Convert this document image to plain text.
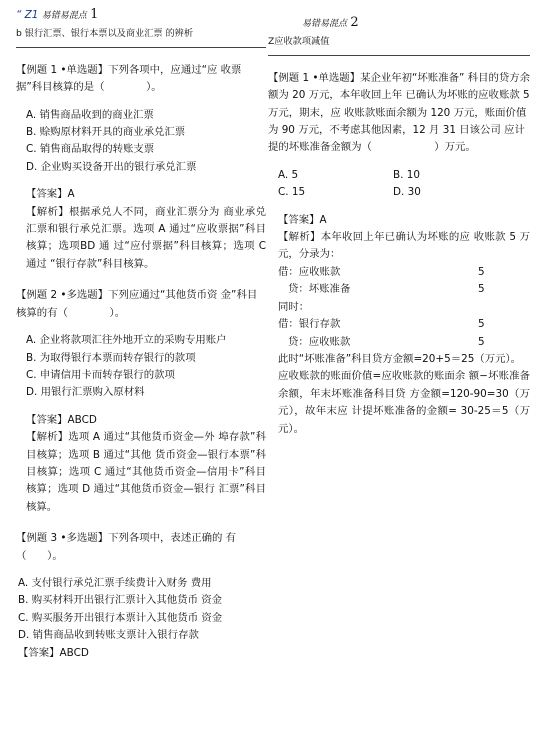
“ Z1 易错易混点 1
b 银行汇票、银行本票以及商业汇票 的辨析

【例题 1 •单选题】下列各项中，应通过“应 收票据”科目核算的是（　　　　）。

A. 销售商品收到的商业汇票

B. 赊购原材料开具的商业承兑汇票

C. 销售商品取得的转账支票

D. 企业购买设备开出的银行承兑汇票

【答案】A

【解析】根据承兑人不同，商业汇票分为 商业承兑汇票和银行承兑汇票。选项 A 通过“应收票据”科目核算；选项BD 通 过“应付票据”科目核算；选项 C 通过 “银行存款”科目核算。

【例题 2 •多选题】下列应通过“其他货币资 金”科目核算的有（　　　　）。

A. 企业将款项汇往外地开立的采购专用账户

B. 为取得银行本票而转存银行的款项

C. 申请信用卡而转存银行的款项

D. 用银行汇票购入原材料

【答案】ABCD

【解析】选项 A 通过“其他货币资金—外 埠存款”科目核算；选项 B 通过“其他 货币资金—银行本票”科目核算；选项 C 通过“其他货币资金—信用卡”科目核算；选项 D 通过“其他货币资金—银行 汇票”科目核算。

【例题 3 •多选题】下列各项中，表述正确的 有（　　）。

A. 支付银行承兑汇票手续费计入财务 费用

B. 购买材料开出银行汇票计入其他货币 资金

C. 购买服务开出银行本票计入其他货币 资金

D. 销售商品收到转账支票计入银行存款

【答案】ABCD

易错易混点 2
Z应收款项减值

【例题 1 •单选题】某企业年初“坏账准备” 科目的贷方余额为 20 万元，本年收回上年 已确认为坏账的应收账款 5 万元，期末，应 收账款账面余额为 120 万元，账面价值为 90 万元，不考虑其他因素，12 月 31 日该公司 应计提的坏账准备金额为（　　　　　　）万元。

A. 5	B. 10
C. 15	D. 30

【答案】A

【解析】本年收回上年已确认为坏账的应 收账款 5 万元，分录为：

借：应收账款	5
贷：坏账准备	5
同时：
借：银行存款	5
贷：应收账款	5

此时“坏账准备”科目贷方金额=20+5＝25（万元）。

应收账款的账面价值=应收账款的账面余 额−坏账准备余额，年末坏账准备科目贷 方金额=120-90=30（万元），故年末应 计提坏账准备的金额= 30-25＝5（万元）。
